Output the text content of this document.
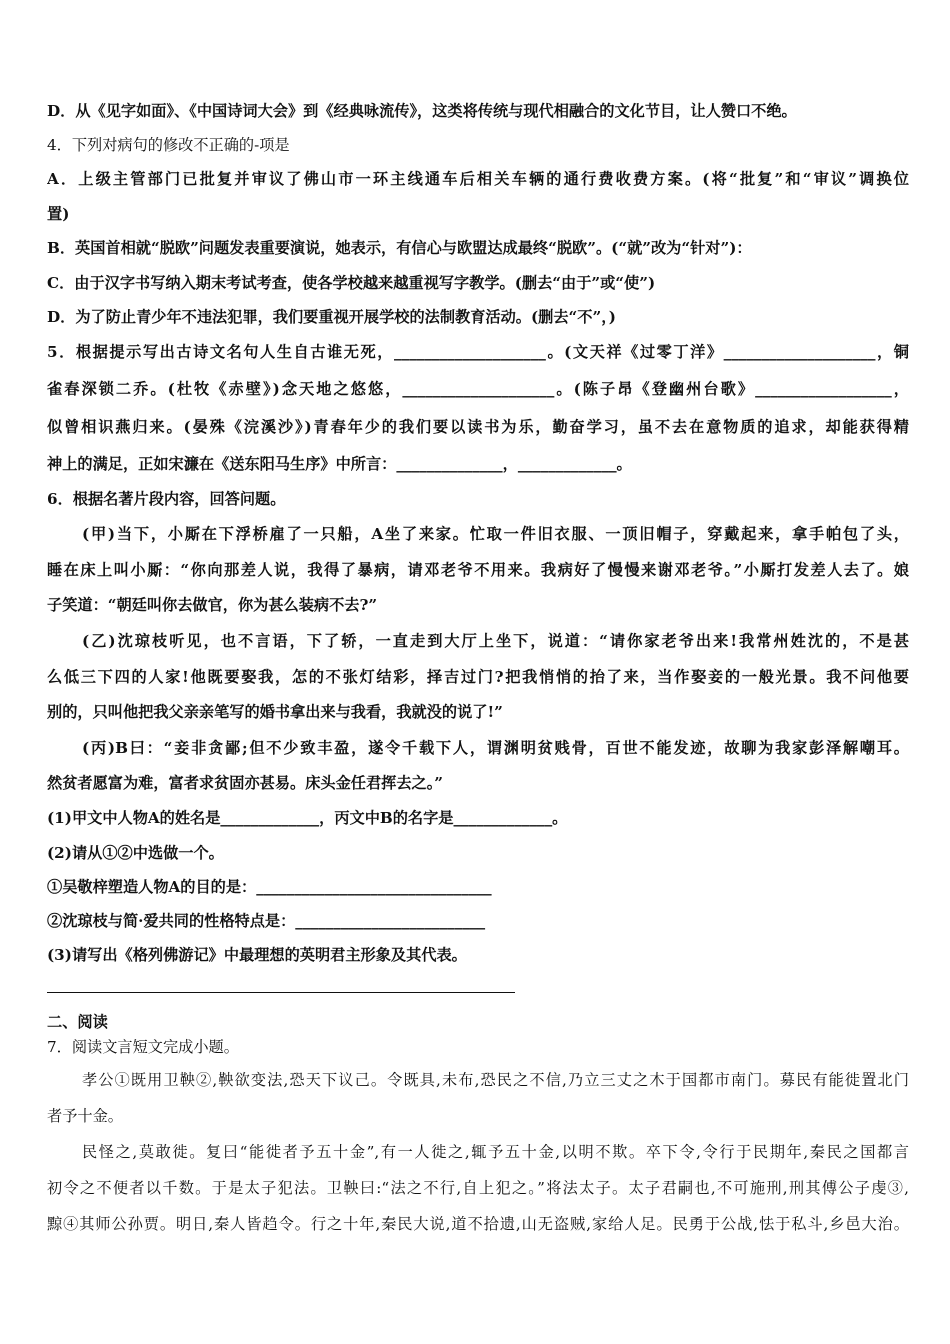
D．从《见字如面》、《中国诗词大会》到《经典咏流传》，这类将传统与现代相融合的文化节目，让人赞口不绝。
4．下列对病句的修改不正确的-项是
A．上级主管部门已批复并审议了佛山市一环主线通车后相关车辆的通行费收费方案。(将“批复”和“审议”调换位
置)
B．英国首相就“脱欧”问题发表重要演说，她表示，有信心与欧盟达成最终“脱欧”。(“就”改为“针对”)：
C．由于汉字书写纳入期末考试考查，使各学校越来越重视写字教学。(删去“由于”或“使”)
D．为了防止青少年不违法犯罪，我们要重视开展学校的法制教育活动。(删去“不”，)
5．根据提示写出古诗文名句人生自古谁无死，____________________。(文天祥《过零丁洋》____________________，铜
雀春深锁二乔。(杜牧《赤壁》)念天地之悠悠，____________________。(陈子昂《登幽州台歌》__________________，
似曾相识燕归来。(晏殊《浣溪沙》)青春年少的我们要以读书为乐，勤奋学习，虽不去在意物质的追求，却能获得精
神上的满足，正如宋濂在《送东阳马生序》中所言：______________，_____________。
6．根据名著片段内容，回答问题。
(甲)当下，小厮在下浮桥雇了一只船，A坐了来家。忙取一件旧衣服、一顶旧帽子，穿戴起来，拿手帕包了头，
睡在床上叫小厮：“你向那差人说，我得了暴病，请邓老爷不用来。我病好了慢慢来谢邓老爷。”小厮打发差人去了。娘
子笑道：“朝廷叫你去做官，你为甚么装病不去?”
(乙)沈琼枝听见，也不言语，下了轿，一直走到大厅上坐下，说道：“请你家老爷出来!我常州姓沈的，不是甚
么低三下四的人家!他既要娶我，怎的不张灯结彩，择吉过门?把我悄悄的抬了来，当作娶妾的一般光景。我不问他要
别的，只叫他把我父亲亲笔写的婚书拿出来与我看，我就没的说了!”
(丙)B曰：“妾非贪鄙;但不少致丰盈，遂令千载下人，谓渊明贫贱骨，百世不能发迹，故聊为我家彭泽解嘲耳。
然贫者愿富为难，富者求贫固亦甚易。床头金任君挥去之。”
(1)甲文中人物A的姓名是_____________，丙文中B的名字是_____________。
(2)请从①②中选做一个。
①吴敬梓塑造人物A的目的是：_______________________________
②沈琼枝与简·爱共同的性格特点是：_________________________
(3)请写出《格列佛游记》中最理想的英明君主形象及其代表。
二、阅读
7．阅读文言短文完成小题。
孝公①既用卫鞅②,鞅欲变法,恐天下议己。令既具,未布,恐民之不信,乃立三丈之木于国都市南门。募民有能徙置北门
者予十金。
民怪之,莫敢徙。复曰“能徙者予五十金”,有一人徙之,辄予五十金,以明不欺。卒下令,令行于民期年,秦民之国都言
初令之不便者以千数。于是太子犯法。卫鞅曰:“法之不行,自上犯之。”将法太子。太子君嗣也,不可施刑,刑其傅公子虔③,
黥④其师公孙贾。明日,秦人皆趋令。行之十年,秦民大说,道不拾遗,山无盗贼,家给人足。民勇于公战,怯于私斗,乡邑大治。
